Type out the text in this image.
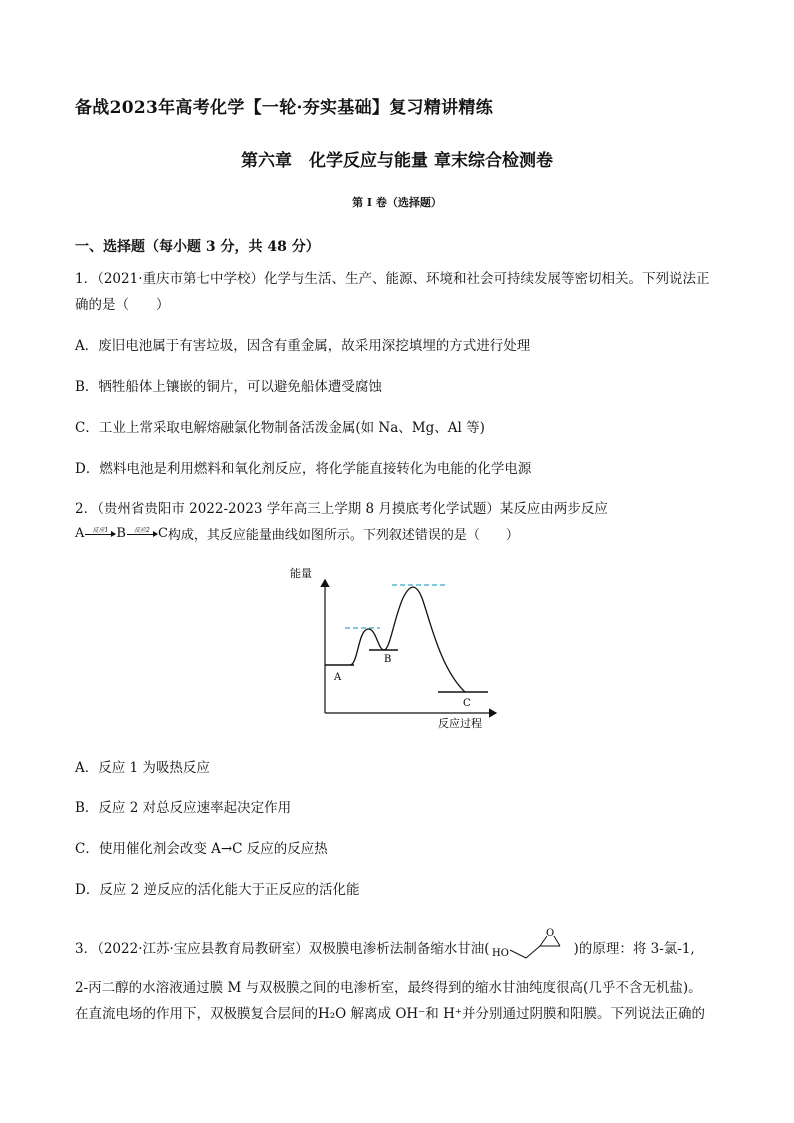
备战2023年高考化学【一轮·夯实基础】复习精讲精练
第六章　化学反应与能量 章末综合检测卷
第 I 卷（选择题）
一、选择题（每小题 3 分，共 48 分）
1．（2021·重庆市第七中学校）化学与生活、生产、能源、环境和社会可持续发展等密切相关。下列说法正
确的是（　　）
A．废旧电池属于有害垃圾，因含有重金属，故采用深挖填埋的方式进行处理
B．牺牲船体上镶嵌的铜片，可以避免船体遭受腐蚀
C．工业上常采取电解熔融氯化物制备活泼金属(如 Na、Mg、Al 等)
D．燃料电池是利用燃料和氧化剂反应，将化学能直接转化为电能的化学电源
2．（贵州省贵阳市 2022-2023 学年高三上学期 8 月摸底考化学试题）某反应由两步反应
A 反应1 B 反应2 C 构成，其反应能量曲线如图所示。下列叙述错误的是（　　）
能量
反应过程
A
B
C
A．反应 1 为吸热反应
B．反应 2 对总反应速率起决定作用
C．使用催化剂会改变 A→C 反应的反应热
D．反应 2 逆反应的活化能大于正反应的活化能
3．（2022·江苏·宝应县教育局教研室）双极膜电渗析法制备缩水甘油( HO
O
)的原理：将 3-氯-1,
2-丙二醇的水溶液通过膜 M 与双极膜之间的电渗析室，最终得到的缩水甘油纯度很高(几乎不含无机盐)。
在直流电场的作用下，双极膜复合层间的H₂O 解离成 OH⁻和 H⁺并分别通过阴膜和阳膜。下列说法正确的
